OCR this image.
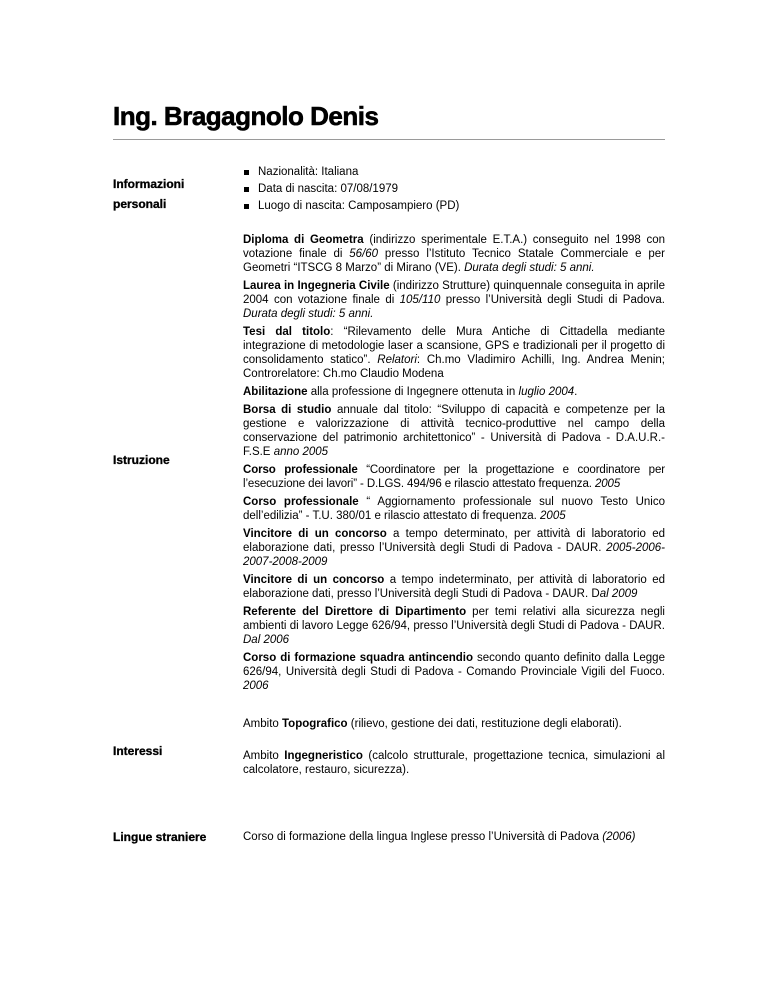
Ing. Bragagnolo Denis
Informazioni
personali
Nazionalità: Italiana
Data di nascita: 07/08/1979
Luogo di nascita: Camposampiero (PD)
Istruzione

Diploma di Geometra (indirizzo sperimentale E.T.A.) conseguito nel 1998 con votazione finale di 56/60 presso l’Istituto Tecnico Statale Commerciale e per Geometri “ITSCG 8 Marzo” di Mirano (VE). Durata degli studi: 5 anni.

Laurea in Ingegneria Civile (indirizzo Strutture) quinquennale conseguita in aprile 2004 con votazione finale di 105/110 presso l’Università degli Studi di Padova. Durata degli studi: 5 anni.

Tesi dal titolo: “Rilevamento delle Mura Antiche di Cittadella mediante integrazione di metodologie laser a scansione, GPS e tradizionali per il progetto di consolidamento statico”. Relatori: Ch.mo Vladimiro Achilli, Ing. Andrea Menin; Controrelatore: Ch.mo Claudio Modena

Abilitazione alla professione di Ingegnere ottenuta in luglio 2004.

Borsa di studio annuale dal titolo: “Sviluppo di capacità e competenze per la gestione e valorizzazione di attività tecnico-produttive nel campo della conservazione del patrimonio architettonico” - Università di Padova - D.A.U.R.- F.S.E anno 2005

Corso professionale “Coordinatore per la progettazione e coordinatore per l’esecuzione dei lavori” - D.LGS. 494/96 e rilascio attestato frequenza. 2005

Corso professionale “ Aggiornamento professionale sul nuovo Testo Unico dell’edilizia” - T.U. 380/01 e rilascio attestato di frequenza. 2005

Vincitore di un concorso a tempo determinato, per attività di laboratorio ed elaborazione dati, presso l’Università degli Studi di Padova - DAUR. 2005-2006-2007-2008-2009

Vincitore di un concorso a tempo indeterminato, per attività di laboratorio ed elaborazione dati, presso l’Università degli Studi di Padova - DAUR. Dal 2009

Referente del Direttore di Dipartimento per temi relativi alla sicurezza negli ambienti di lavoro Legge 626/94, presso l’Università degli Studi di Padova - DAUR. Dal 2006

Corso di formazione squadra antincendio secondo quanto definito dalla Legge 626/94, Università degli Studi di Padova - Comando Provinciale Vigili del Fuoco. 2006

Interessi

Ambito Topografico (rilievo, gestione dei dati, restituzione degli elaborati).

Ambito Ingegneristico (calcolo strutturale, progettazione tecnica, simulazioni al calcolatore, restauro, sicurezza).

Lingue straniere	Corso di formazione della lingua Inglese presso l’Università di Padova (2006)
